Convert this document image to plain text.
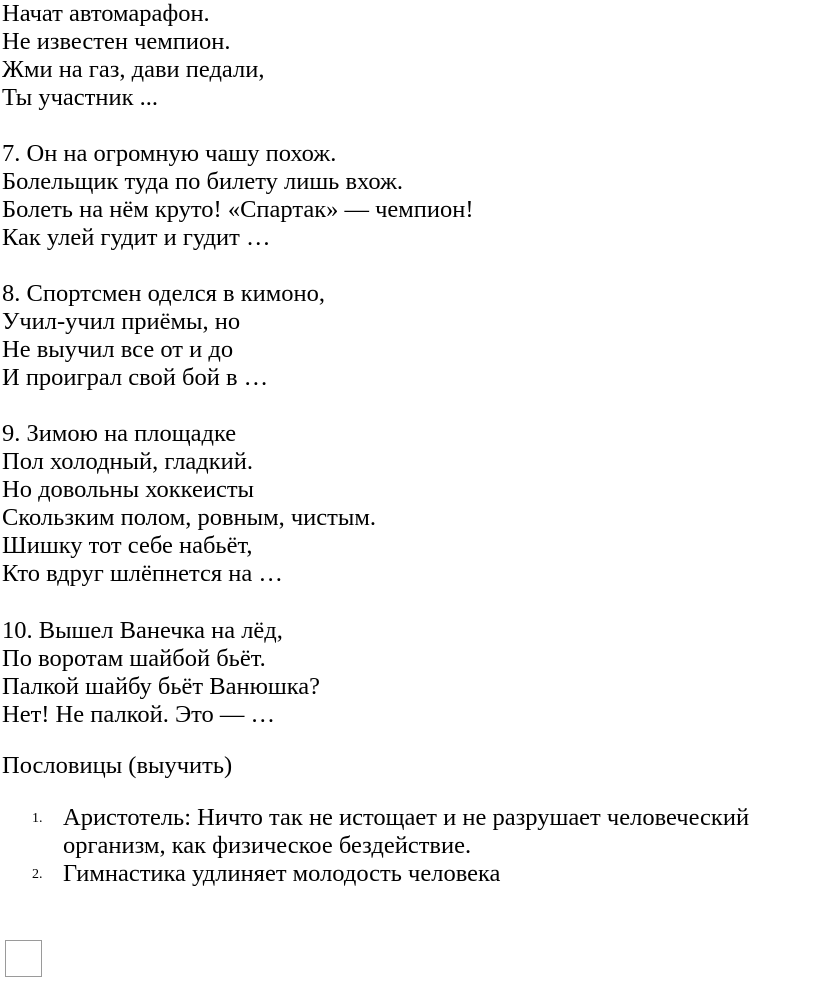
Начат автомарафон.
Не известен чемпион.
Жми на газ, дави педали,
Ты участник ...
7. Он на огромную чашу похож.
Болельщик туда по билету лишь вхож.
Болеть на нём круто! «Спартак» — чемпион!
Как улей гудит и гудит …
8. Спортсмен оделся в кимоно,
Учил-учил приёмы, но
Не выучил все от и до
И проиграл свой бой в …
9. Зимою на площадке
Пол холодный, гладкий.
Но довольны хоккеисты
Скользким полом, ровным, чистым.
Шишку тот себе набьёт,
Кто вдруг шлёпнется на …
10. Вышел Ванечка на лёд,
По воротам шайбой бьёт.
Палкой шайбу бьёт Ванюшка?
Нет! Не палкой. Это — …
Пословицы (выучить)
1. Аристотель: Ничто так не истощает и не разрушает человеческий
организм, как физическое бездействие.
2. Гимнастика удлиняет молодость человека
